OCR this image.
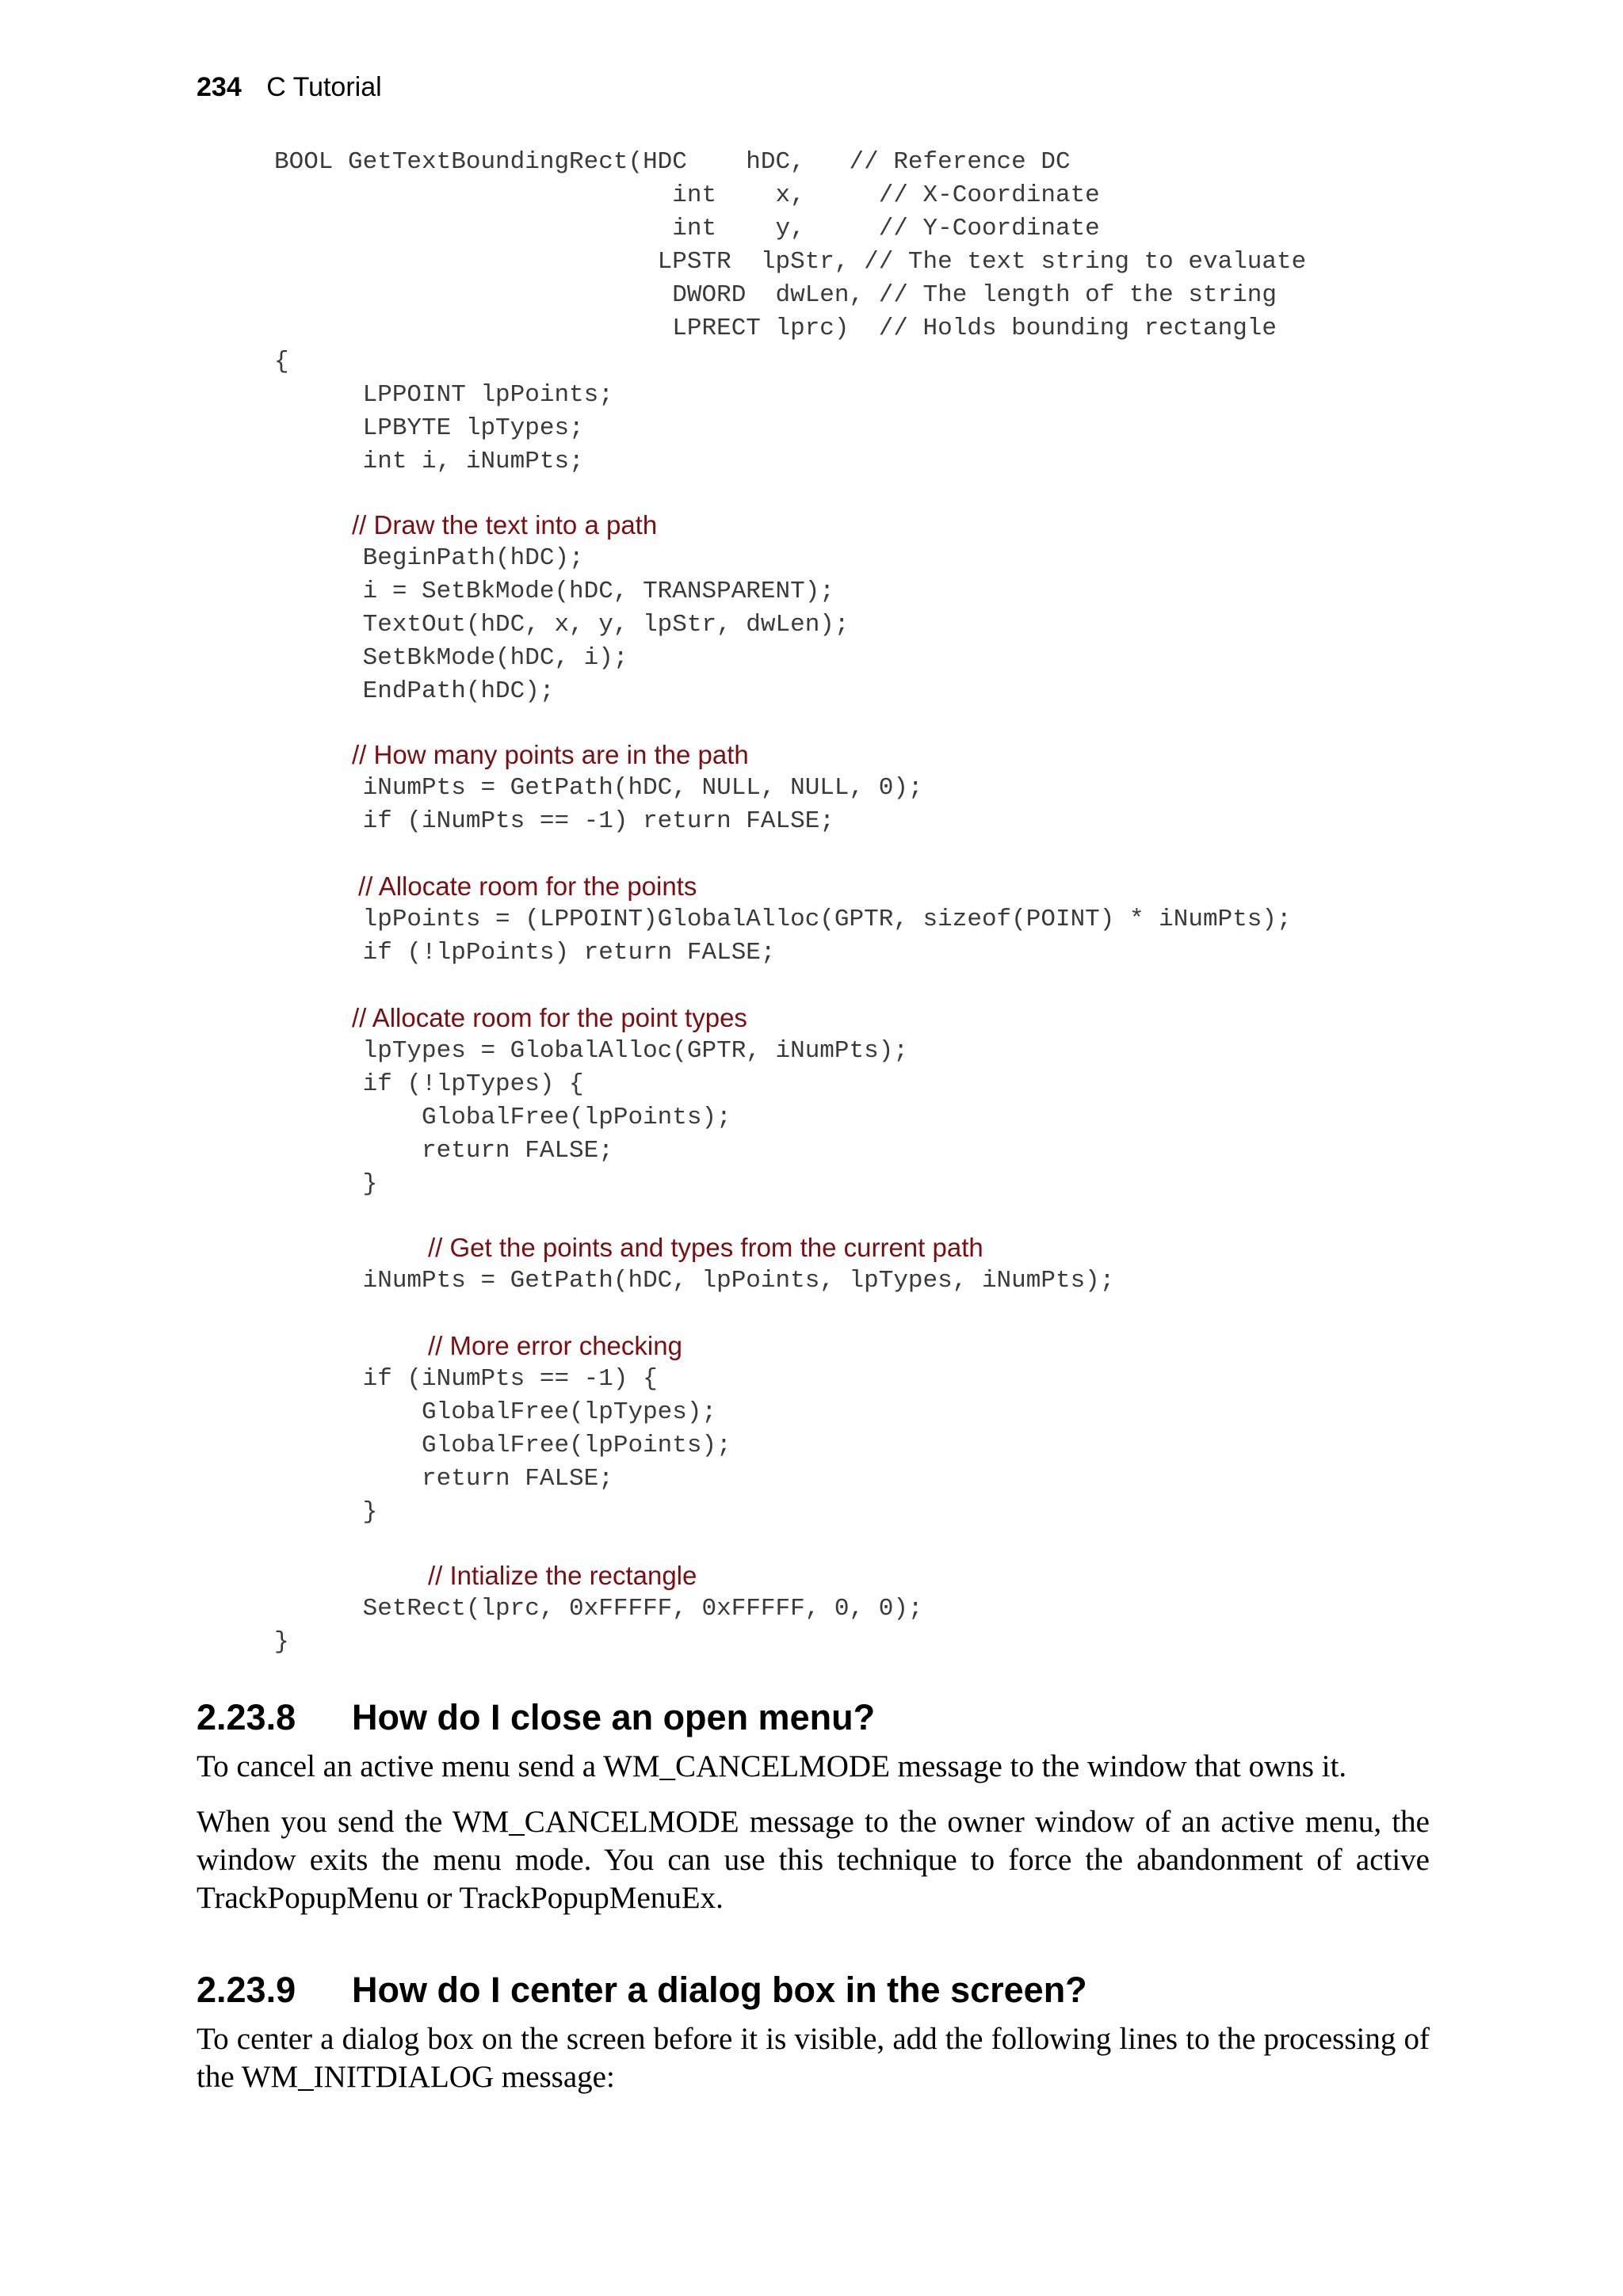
234 C Tutorial
BOOL GetTextBoundingRect(HDC    hDC,   // Reference DC
int    x,     // X-Coordinate
int    y,     // Y-Coordinate
LPSTR  lpStr, // The text string to evaluate
DWORD  dwLen, // The length of the string
LPRECT lprc)  // Holds bounding rectangle
{
LPPOINT lpPoints;
LPBYTE lpTypes;
int i, iNumPts;
// Draw the text into a path
BeginPath(hDC);
i = SetBkMode(hDC, TRANSPARENT);
TextOut(hDC, x, y, lpStr, dwLen);
SetBkMode(hDC, i);
EndPath(hDC);
// How many points are in the path
iNumPts = GetPath(hDC, NULL, NULL, 0);
if (iNumPts == -1) return FALSE;
// Allocate room for the points
lpPoints = (LPPOINT)GlobalAlloc(GPTR, sizeof(POINT) * iNumPts);
if (!lpPoints) return FALSE;
// Allocate room for the point types
lpTypes = GlobalAlloc(GPTR, iNumPts);
if (!lpTypes) {
GlobalFree(lpPoints);
return FALSE;
}
// Get the points and types from the current path
iNumPts = GetPath(hDC, lpPoints, lpTypes, iNumPts);
// More error checking
if (iNumPts == -1) {
GlobalFree(lpTypes);
GlobalFree(lpPoints);
return FALSE;
}
// Intialize the rectangle
SetRect(lprc, 0xFFFFF, 0xFFFFF, 0, 0);
}
2.23.8 How do I close an open menu?

To cancel an active menu send a WM_CANCELMODE message to the window that owns it.

When you send the WM_CANCELMODE message to the owner window of an active menu, the window exits the menu mode. You can use this technique to force the abandonment of active TrackPopupMenu or TrackPopupMenuEx.

2.23.9 How do I center a dialog box in the screen?

To center a dialog box on the screen before it is visible, add the following lines to the processing of the WM_INITDIALOG message:
